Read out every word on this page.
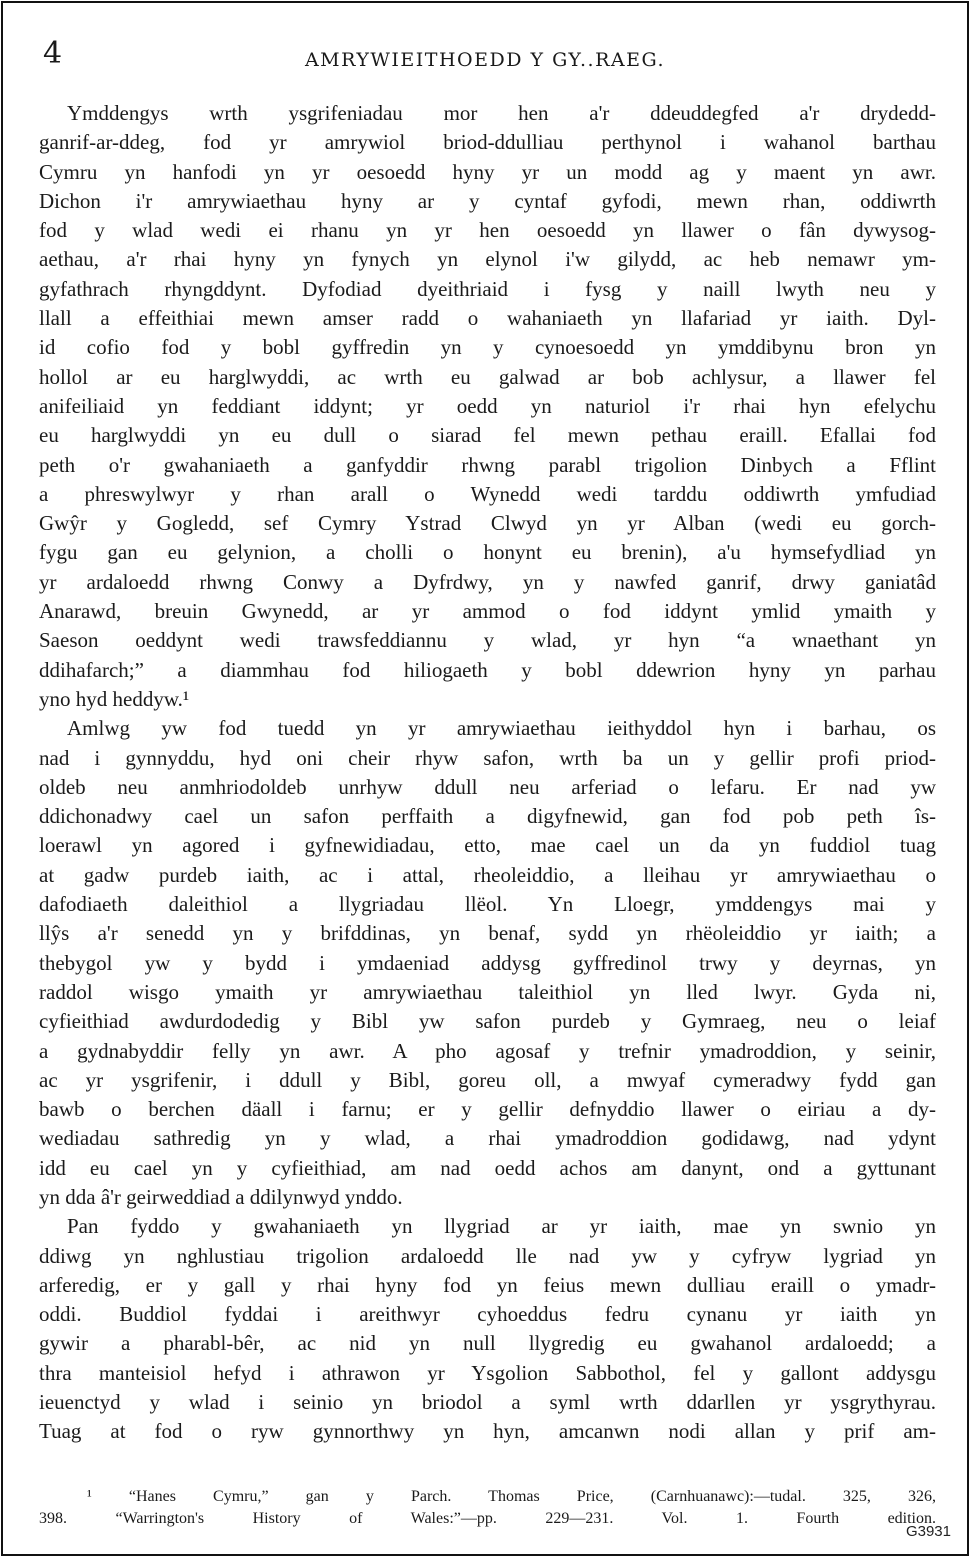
4	AMRYWIEITHOEDD Y GY..RAEG.
Ymddengys wrth ysgrifeniadau mor hen a'r ddeuddegfed a'r drydedd-
ganrif-ar-ddeg, fod yr amrywiol briod-ddulliau perthynol i wahanol barthau
Cymru yn hanfodi yn yr oesoedd hyny yr un modd ag y maent yn awr.
Dichon i'r amrywiaethau hyny ar y cyntaf gyfodi, mewn rhan, oddiwrth
fod y wlad wedi ei rhanu yn yr hen oesoedd yn llawer o fân dywysog-
aethau, a'r rhai hyny yn fynych yn elynol i'w gilydd, ac heb nemawr ym-
gyfathrach rhyngddynt. Dyfodiad dyeithriaid i fysg y naill lwyth neu y
llall a effeithiai mewn amser radd o wahaniaeth yn llafariad yr iaith. Dyl-
id cofio fod y bobl gyffredin yn y cynoesoedd yn ymddibynu bron yn
hollol ar eu harglwyddi, ac wrth eu galwad ar bob achlysur, a llawer fel
anifeiliaid yn feddiant iddynt; yr oedd yn naturiol i'r rhai hyn efelychu
eu harglwyddi yn eu dull o siarad fel mewn pethau eraill. Efallai fod
peth o'r gwahaniaeth a ganfyddir rhwng parabl trigolion Dinbych a Fflint
a phreswylwyr y rhan arall o Wynedd wedi tarddu oddiwrth ymfudiad
Gwŷr y Gogledd, sef Cymry Ystrad Clwyd yn yr Alban (wedi eu gorch-
fygu gan eu gelynion, a cholli o honynt eu brenin), a'u hymsefydliad yn
yr ardaloedd rhwng Conwy a Dyfrdwy, yn y nawfed ganrif, drwy ganiatâd
Anarawd, breuin Gwynedd, ar yr ammod o fod iddynt ymlid ymaith y
Saeson oeddynt wedi trawsfeddiannu y wlad, yr hyn “a wnaethant yn
ddihafarch;” a diammhau fod hiliogaeth y bobl ddewrion hyny yn parhau
yno hyd heddyw.¹
Amlwg yw fod tuedd yn yr amrywiaethau ieithyddol hyn i barhau, os
nad i gynnyddu, hyd oni cheir rhyw safon, wrth ba un y gellir profi priod-
oldeb neu anmhriodoldeb unrhyw ddull neu arferiad o lefaru. Er nad yw
ddichonadwy cael un safon perffaith a digyfnewid, gan fod pob peth îs-
loerawl yn agored i gyfnewidiadau, etto, mae cael un da yn fuddiol tuag
at gadw purdeb iaith, ac i attal, rheoleiddio, a lleihau yr amrywiaethau o
dafodiaeth daleithiol a llygriadau llëol. Yn Lloegr, ymddengys mai y
llŷs a'r senedd yn y brifddinas, yn benaf, sydd yn rhëoleiddio yr iaith; a
thebygol yw y bydd i ymdaeniad addysg gyffredinol trwy y deyrnas, yn
raddol wisgo ymaith yr amrywiaethau taleithiol yn lled lwyr. Gyda ni,
cyfieithiad awdurdodedig y Bibl yw safon purdeb y Gymraeg, neu o leiaf
a gydnabyddir felly yn awr. A pho agosaf y trefnir ymadroddion, y seinir,
ac yr ysgrifenir, i ddull y Bibl, goreu oll, a mwyaf cymeradwy fydd gan
bawb o berchen däall i farnu; er y gellir defnyddio llawer o eiriau a dy-
wediadau sathredig yn y wlad, a rhai ymadroddion godidawg, nad ydynt
idd eu cael yn y cyfieithiad, am nad oedd achos am danynt, ond a gyttunant
yn dda â'r geirweddiad a ddilynwyd ynddo.
Pan fyddo y gwahaniaeth yn llygriad ar yr iaith, mae yn swnio yn
ddiwg yn nghlustiau trigolion ardaloedd lle nad yw y cyfryw lygriad yn
arferedig, er y gall y rhai hyny fod yn feius mewn dulliau eraill o ymadr-
oddi. Buddiol fyddai i areithwyr cyhoeddus fedru cynanu yr iaith yn
gywir a pharabl-bêr, ac nid yn null llygredig eu gwahanol ardaloedd; a
thra manteisiol hefyd i athrawon yr Ysgolion Sabbothol, fel y gallont addysgu
ieuenctyd y wlad i seinio yn briodol a syml wrth ddarllen yr ysgrythyrau.
Tuag at fod o ryw gynnorthwy yn hyn, amcanwn nodi allan y prif am-
¹ “Hanes Cymru,” gan y Parch. Thomas Price, (Carnhuanawc):—tudal. 325, 326,
398. “Warrington's History of Wales:”—pp. 229—231. Vol. 1. Fourth edition.
G3931
